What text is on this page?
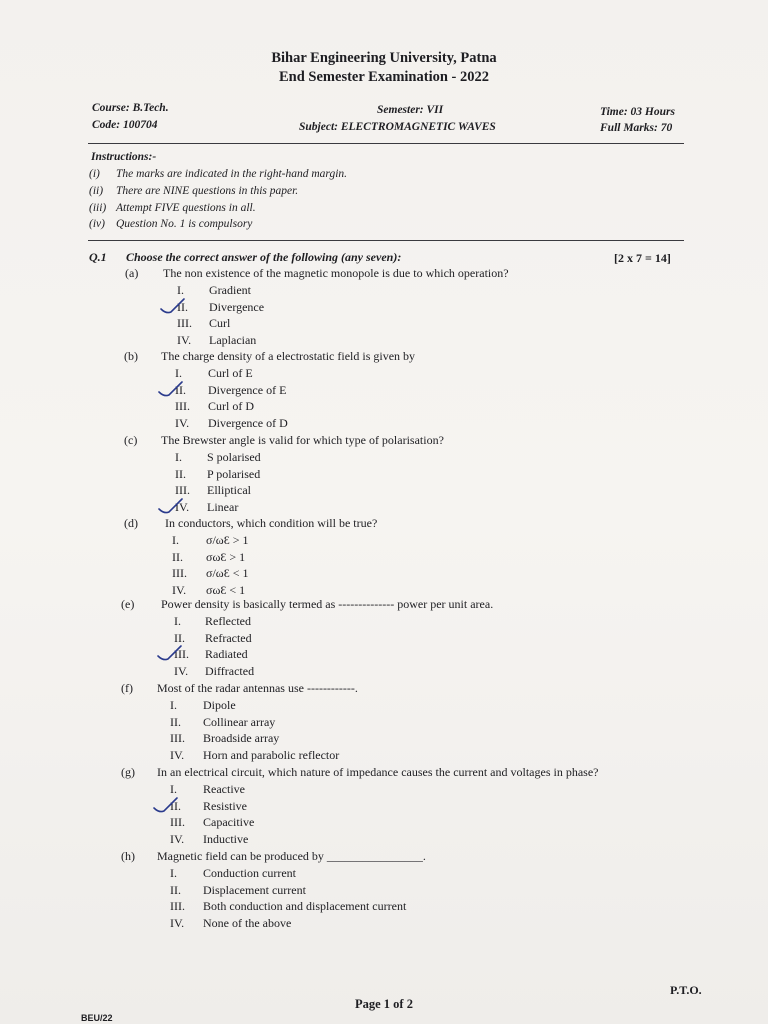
Bihar Engineering University, Patna
End Semester Examination - 2022
Course: B.Tech.
Code: 100704
Semester: VII
Subject: ELECTROMAGNETIC WAVES
Time: 03 Hours
Full Marks: 70
Instructions:-
(i) The marks are indicated in the right-hand margin.
(ii) There are NINE questions in this paper.
(iii) Attempt FIVE questions in all.
(iv) Question No. 1 is compulsory
Q.1 Choose the correct answer of the following (any seven):	[2 x 7 = 14]
(a) The non existence of the magnetic monopole is due to which operation?
I.	Gradient
II.	Divergence
III.	Curl
IV.	Laplacian
(b) The charge density of a electrostatic field is given by
I.	Curl of E
II.	Divergence of E
III.	Curl of D
IV.	Divergence of D
(c) The Brewster angle is valid for which type of polarisation?
I.	S polarised
II.	P polarised
III.	Elliptical
IV.	Linear
(d) In conductors, which condition will be true?
I.	σ/ωƐ > 1
II.	σωƐ > 1
III.	σ/ωƐ < 1
IV.	σωƐ < 1
(e) Power density is basically termed as -------------- power per unit area.
I.	Reflected
II.	Refracted
III.	Radiated
IV.	Diffracted
(f) Most of the radar antennas use ------------.
I.	Dipole
II.	Collinear array
III.	Broadside array
IV.	Horn and parabolic reflector
(g) In an electrical circuit, which nature of impedance causes the current and voltages in phase?
I.	Reactive
II.	Resistive
III.	Capacitive
IV.	Inductive
(h) Magnetic field can be produced by ________________.
I.	Conduction current
II.	Displacement current
III.	Both conduction and displacement current
IV.	None of the above
P.T.O.
Page 1 of 2
BEU/22
